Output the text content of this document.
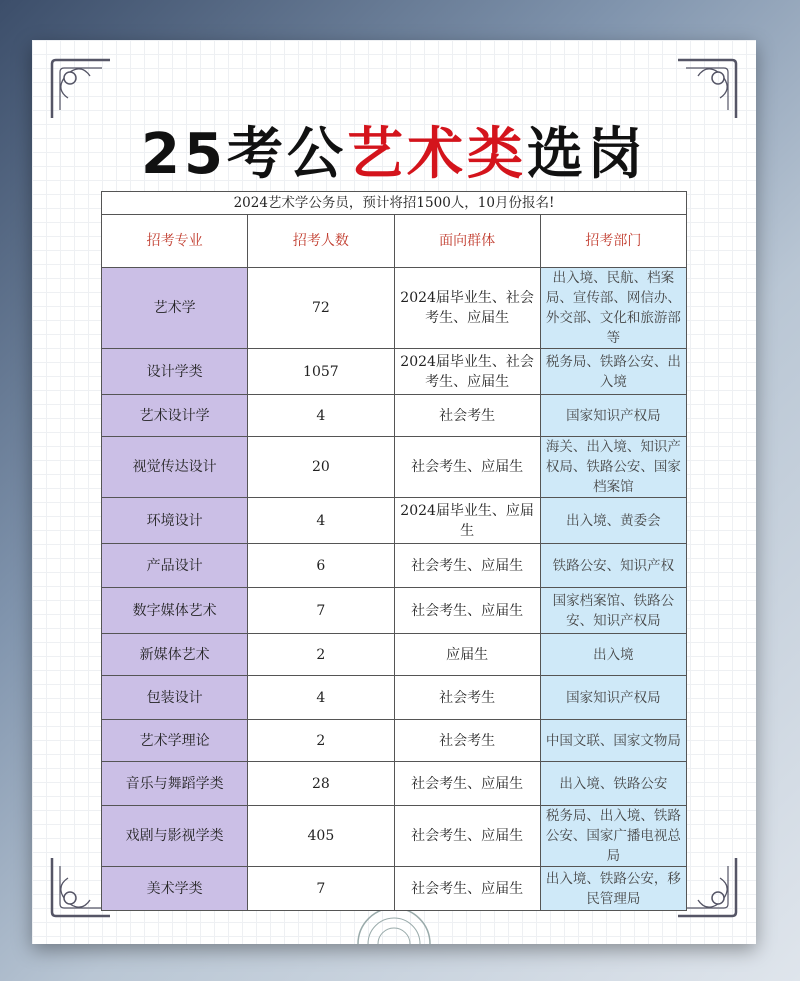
25考公艺术类选岗
2024艺术学公务员，预计将招1500人，10月份报名!			
招考专业	招考人数	面向群体	招考部门
艺术学	72	2024届毕业生、社会考生、应届生	出入境、民航、档案局、宣传部、网信办、外交部、文化和旅游部等
设计学类	1057	2024届毕业生、社会考生、应届生	税务局、铁路公安、出入境
艺术设计学	4	社会考生	国家知识产权局
视觉传达设计	20	社会考生、应届生	海关、出入境、知识产权局、铁路公安、国家档案馆
环境设计	4	2024届毕业生、应届生	出入境、黄委会
产品设计	6	社会考生、应届生	铁路公安、知识产权
数字媒体艺术	7	社会考生、应届生	国家档案馆、铁路公安、知识产权局
新媒体艺术	2	应届生	出入境
包装设计	4	社会考生	国家知识产权局
艺术学理论	2	社会考生	中国文联、国家文物局
音乐与舞蹈学类	28	社会考生、应届生	出入境、铁路公安
戏剧与影视学类	405	社会考生、应届生	税务局、出入境、铁路公安、国家广播电视总局
美术学类	7	社会考生、应届生	出入境、铁路公安，移民管理局
